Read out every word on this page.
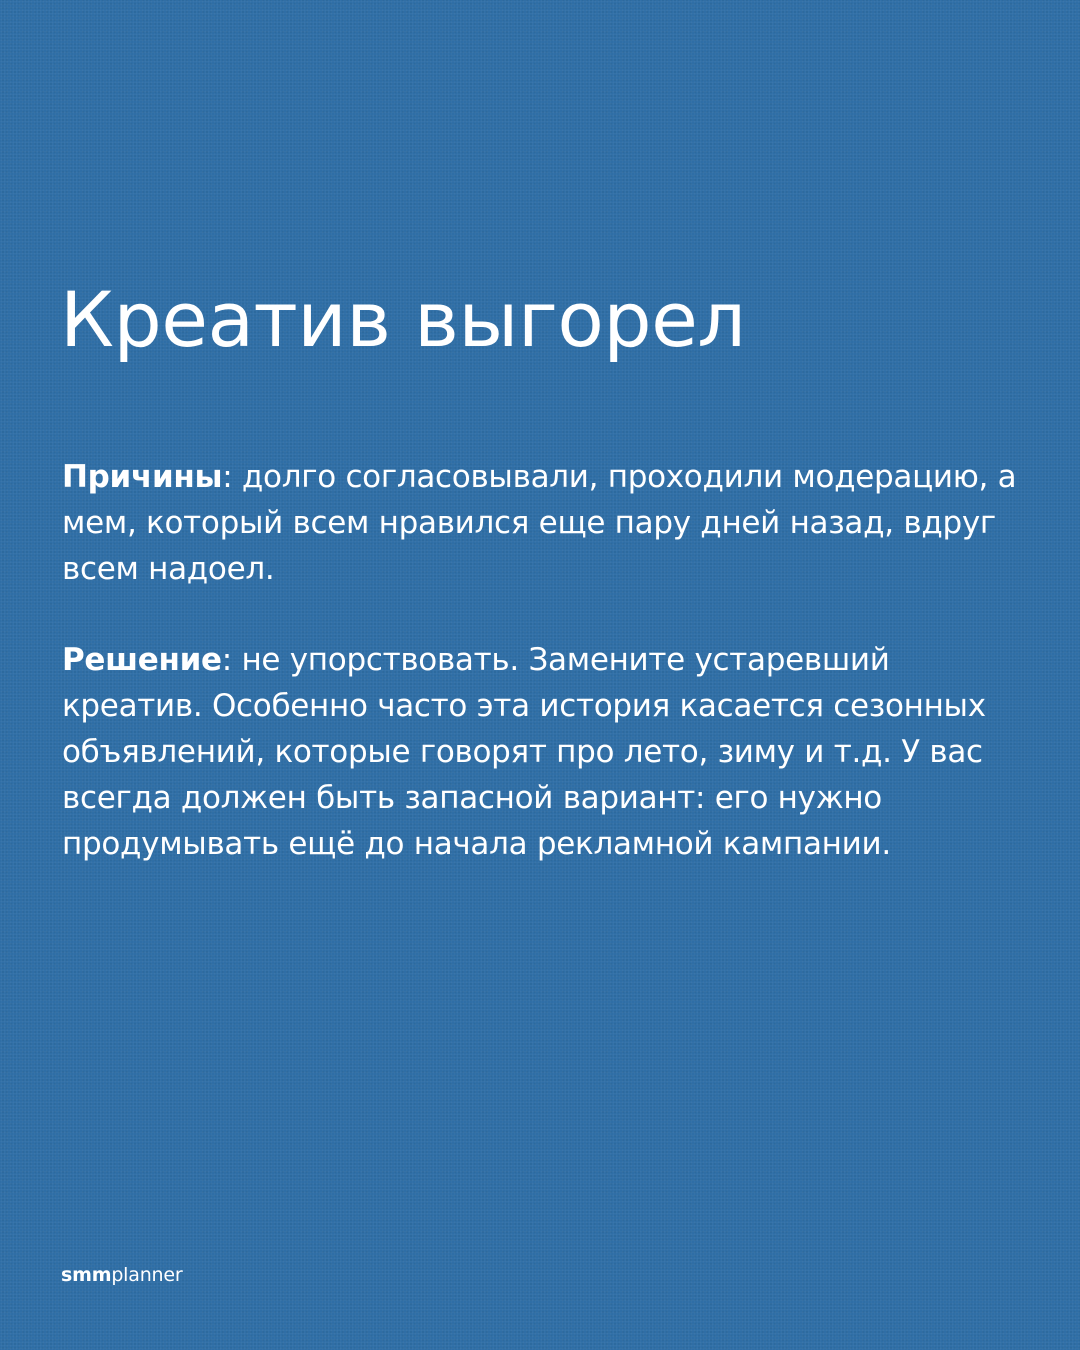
Креатив выгорел

Причины: долго согласовывали, проходили модерацию, а мем, который всем нравился еще пару дней назад, вдруг всем надоел.

Решение: не упорствовать. Замените устаревший креатив. Особенно часто эта история касается сезонных объявлений, которые говорят про лето, зиму и т.д. У вас всегда должен быть запасной вариант: его нужно продумывать ещё до начала рекламной кампании.

smmplanner
